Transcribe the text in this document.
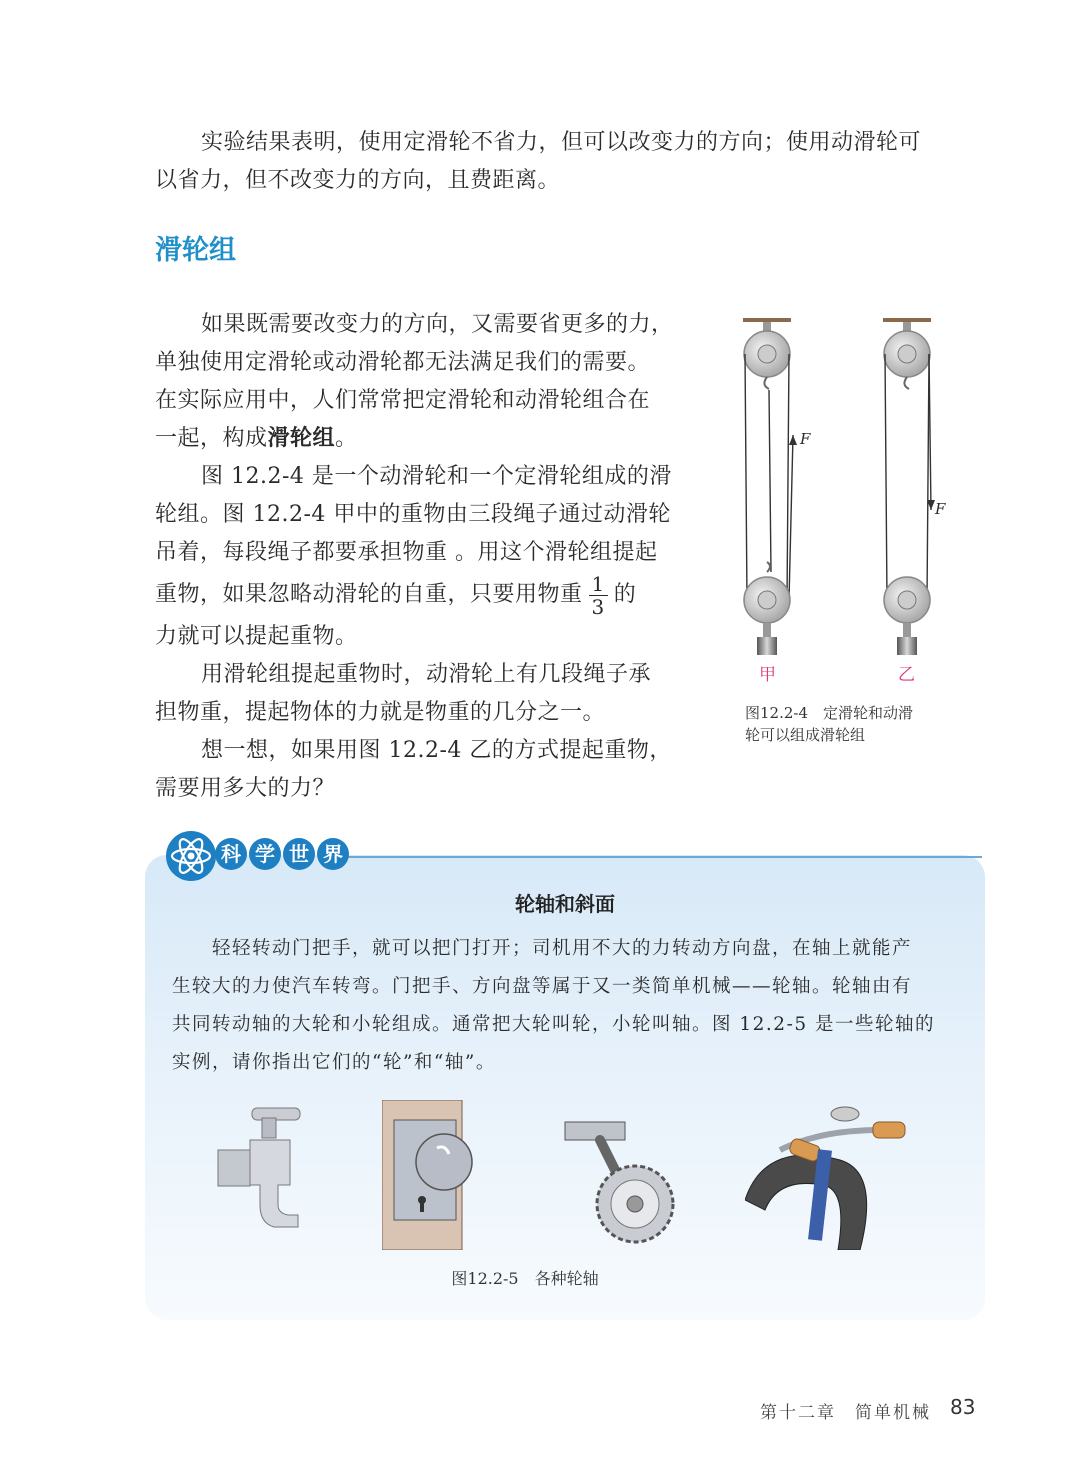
实验结果表明，使用定滑轮不省力，但可以改变力的方向；使用动滑轮可

以省力，但不改变力的方向，且费距离。

滑轮组

如果既需要改变力的方向，又需要省更多的力，

单独使用定滑轮或动滑轮都无法满足我们的需要。

在实际应用中，人们常常把定滑轮和动滑轮组合在

一起，构成滑轮组。

图 12.2-4 是一个动滑轮和一个定滑轮组成的滑

轮组。图 12.2-4 甲中的重物由三段绳子通过动滑轮

吊着，每段绳子都要承担物重 。用这个滑轮组提起

重物，如果忽略动滑轮的自重，只要用物重 $\frac{1}{3}$ 的

力就可以提起重物。

用滑轮组提起重物时，动滑轮上有几段绳子承

担物重，提起物体的力就是物重的几分之一。

想一想，如果用图 12.2-4 乙的方式提起重物，

需要用多大的力？

F
F
甲	乙
图12.2-4　定滑轮和动滑
轮可以组成滑轮组
科 学 世 界
轮轴和斜面

轻轻转动门把手，就可以把门打开；司机用不大的力转动方向盘，在轴上就能产

生较大的力使汽车转弯。门把手、方向盘等属于又一类简单机械——轮轴。轮轴由有

共同转动轴的大轮和小轮组成。通常把大轮叫轮，小轮叫轴。图 12.2-5 是一些轮轴的

实例，请你指出它们的“轮”和“轴”。

图12.2-5　各种轮轴
第十二章　简单机械 83
